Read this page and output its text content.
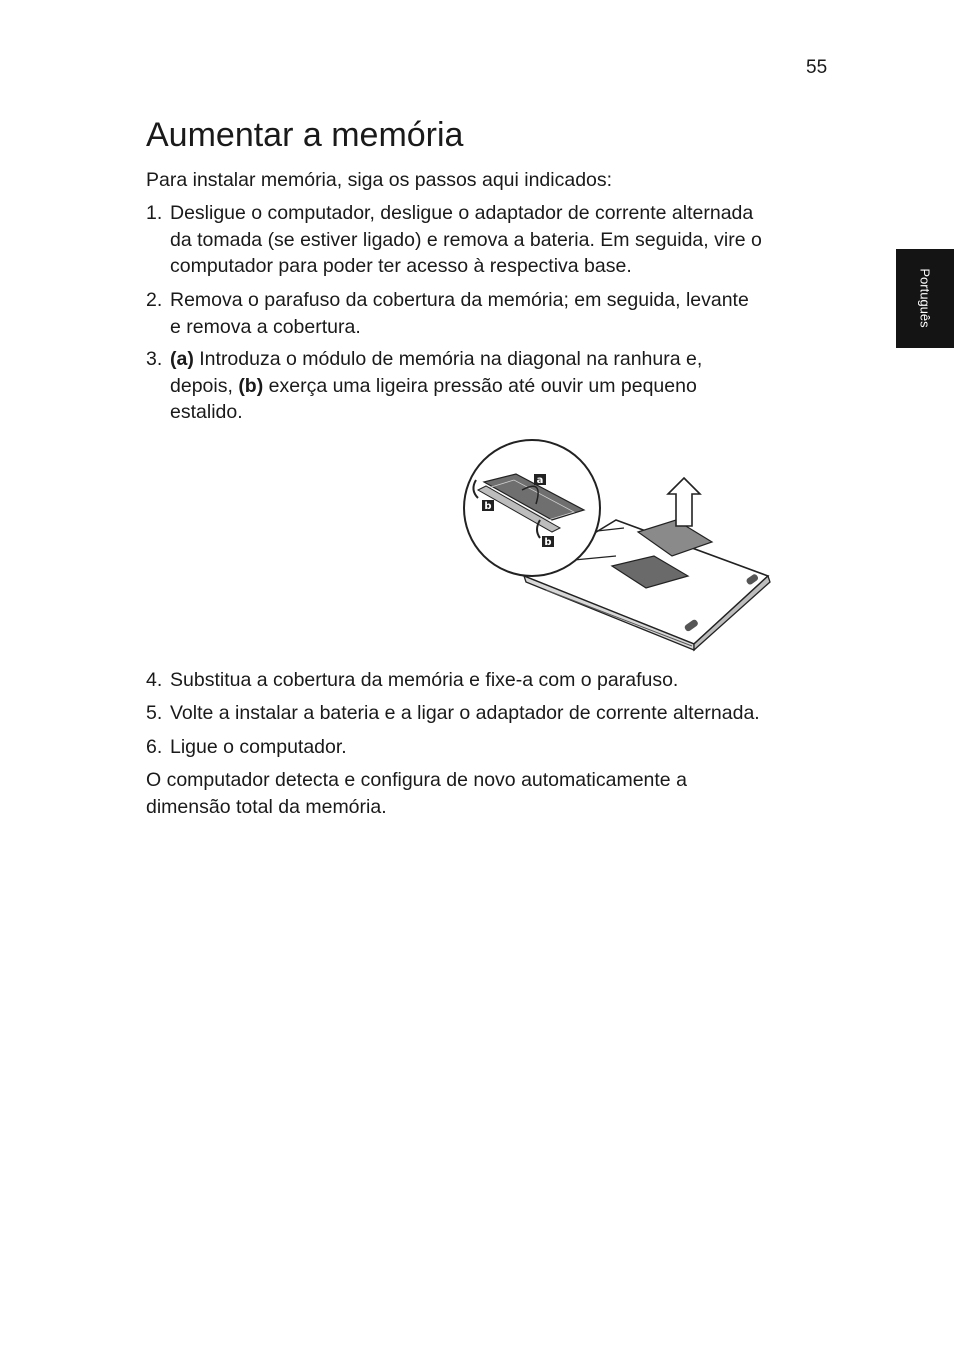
55
Português
Aumentar a memória
Para instalar memória, siga os passos aqui indicados:
1. Desligue o computador, desligue o adaptador de corrente alternada
da tomada (se estiver ligado) e remova a bateria. Em seguida, vire o
computador para poder ter acesso à respectiva base.
2. Remova o parafuso da cobertura da memória; em seguida, levante
e remova a cobertura.
3. (a) Introduza o módulo de memória na diagonal na ranhura e,
depois, (b) exerça uma ligeira pressão até ouvir um pequeno
estalido.
a
b
b
4. Substitua a cobertura da memória e fixe-a com o parafuso.
5. Volte a instalar a bateria e a ligar o adaptador de corrente alternada.
6. Ligue o computador.
O computador detecta e configura de novo automaticamente a
dimensão total da memória.
